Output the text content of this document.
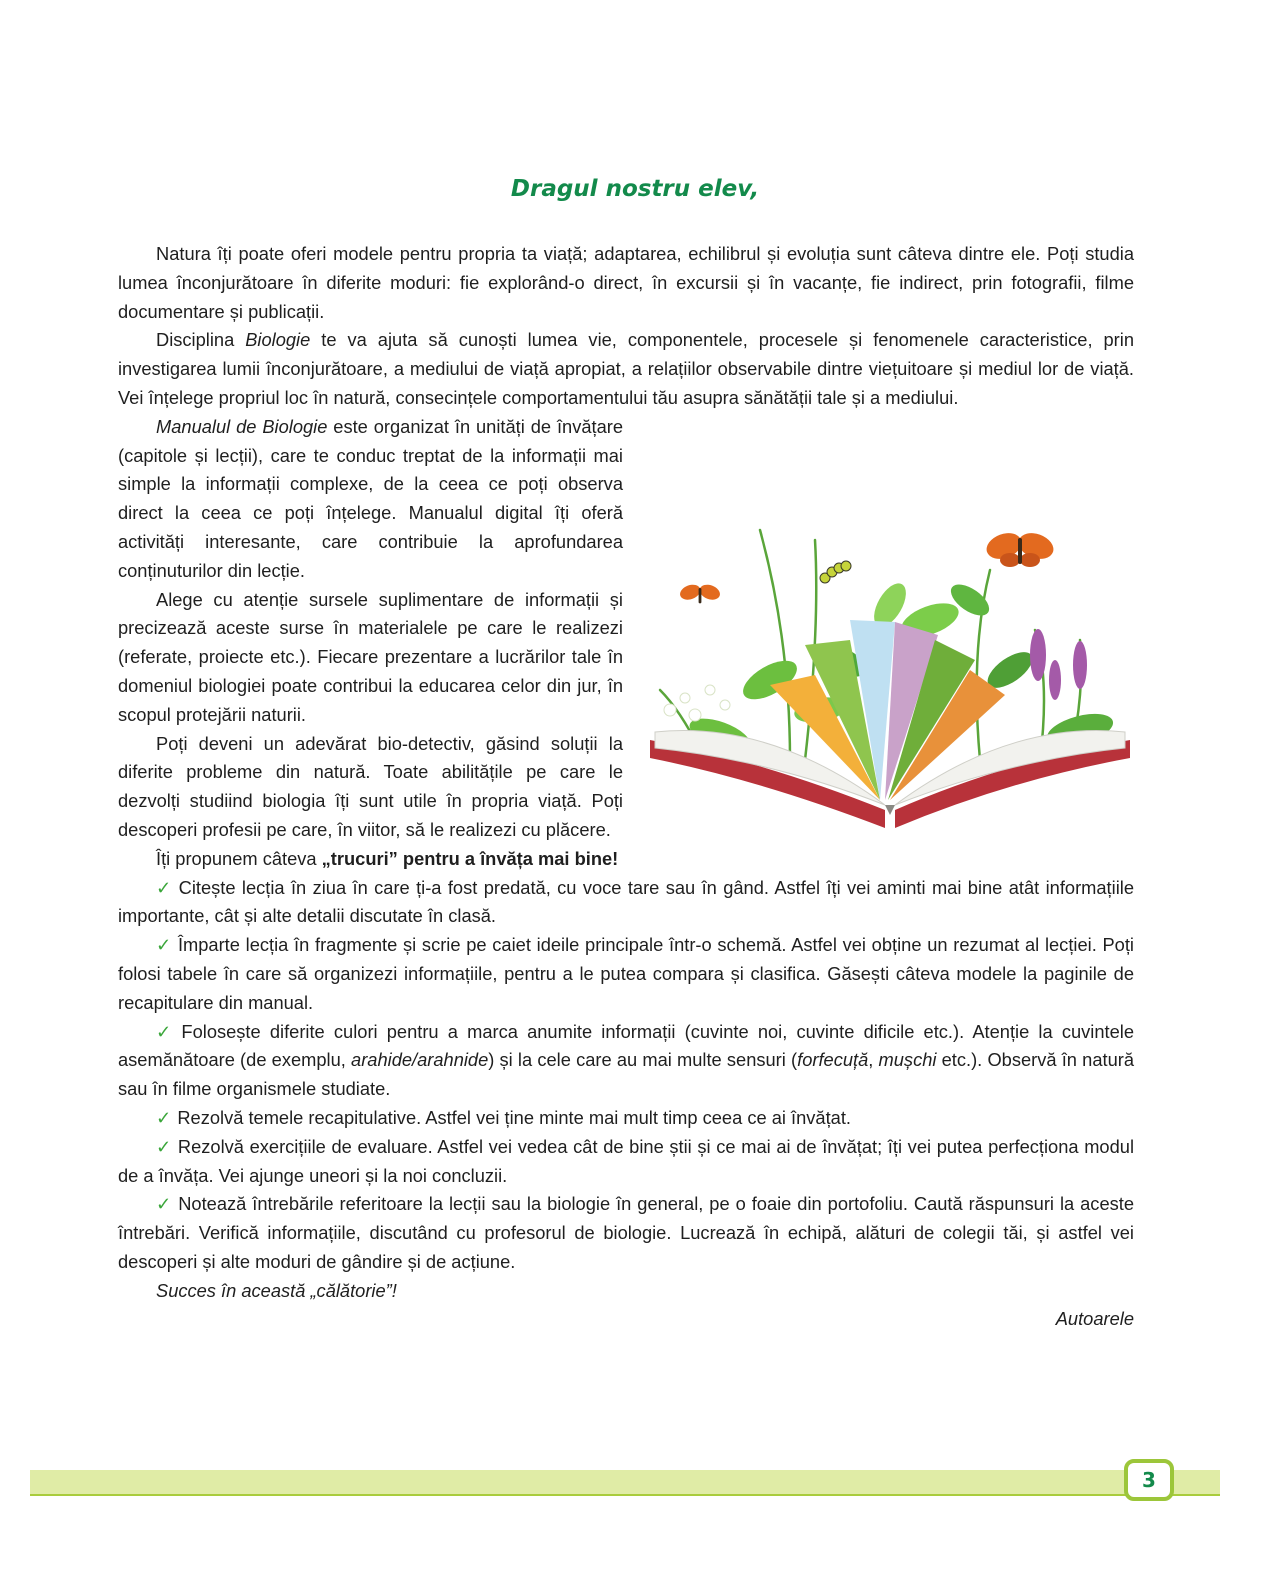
Dragul nostru elev,

Natura îți poate oferi modele pentru propria ta viață; adaptarea, echilibrul și evoluția sunt câteva dintre ele. Poți studia lumea înconjurătoare în diferite moduri: fie explorând-o direct, în excursii și în vacanțe, fie indirect, prin fotografii, filme documentare și publicații.

Disciplina Biologie te va ajuta să cunoști lumea vie, componentele, procesele și fenomenele caracteristice, prin investigarea lumii înconjurătoare, a mediului de viață apropiat, a relațiilor observabile dintre viețuitoare și mediul lor de viață. Vei înțelege propriul loc în natură, consecințele comportamentului tău asupra sănătății tale și a mediului.

Manualul de Biologie este organizat în unități de învățare (capitole și lecții), care te conduc treptat de la informații mai simple la informații complexe, de la ceea ce poți observa direct la ceea ce poți înțelege. Manualul digital îți oferă activități interesante, care contribuie la aprofundarea conținuturilor din lecție.

Alege cu atenție sursele suplimentare de informații și precizează aceste surse în materialele pe care le realizezi (referate, proiecte etc.). Fiecare prezentare a lucrărilor tale în domeniul biologiei poate contribui la educarea celor din jur, în scopul protejării naturii.

Poți deveni un adevărat bio-detectiv, găsind soluții la diferite probleme din natură. Toate abilitățile pe care le dezvolți studiind biologia îți sunt utile în propria viață. Poți descoperi profesii pe care, în viitor, să le realizezi cu plăcere.

Îți propunem câteva „trucuri” pentru a învăța mai bine!

✓ Citește lecția în ziua în care ți-a fost predată, cu voce tare sau în gând. Astfel îți vei aminti mai bine atât informațiile importante, cât și alte detalii discutate în clasă.

✓ Împarte lecția în fragmente și scrie pe caiet ideile principale într-o schemă. Astfel vei obține un rezumat al lecției. Poți folosi tabele în care să organizezi informațiile, pentru a le putea compara și clasifica. Găsești câteva modele la paginile de recapitulare din manual.

✓ Folosește diferite culori pentru a marca anumite informații (cuvinte noi, cuvinte dificile etc.). Atenție la cuvintele asemănătoare (de exemplu, arahide/arahnide) și la cele care au mai multe sensuri (forfecuță, mușchi etc.). Observă în natură sau în filme organismele studiate.

✓ Rezolvă temele recapitulative. Astfel vei ține minte mai mult timp ceea ce ai învățat.

✓ Rezolvă exercițiile de evaluare. Astfel vei vedea cât de bine știi și ce mai ai de învățat; îți vei putea perfecționa modul de a învăța. Vei ajunge uneori și la noi concluzii.

✓ Notează întrebările referitoare la lecții sau la biologie în general, pe o foaie din portofoliu. Caută răspunsuri la aceste întrebări. Verifică informațiile, discutând cu profesorul de biologie. Lucrează în echipă, alături de colegii tăi, și astfel vei descoperi și alte moduri de gândire și de acțiune.

Succes în această „călătorie”!

Autoarele

3
